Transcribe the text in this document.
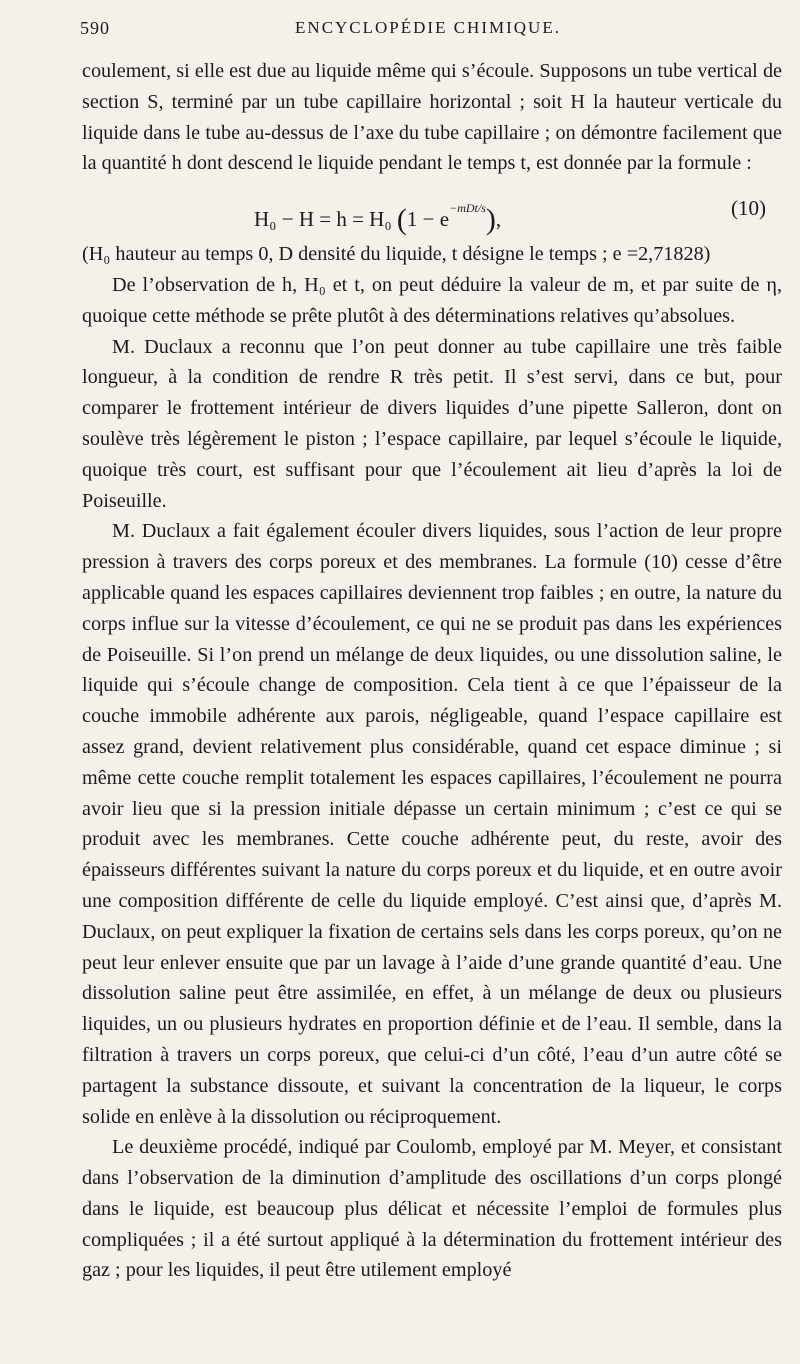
590	ENCYCLOPÉDIE CHIMIQUE.

coulement, si elle est due au liquide même qui s’écoule. Supposons un tube vertical de section S, terminé par un tube capillaire horizontal ; soit H la hauteur verticale du liquide dans le tube au-dessus de l’axe du tube capillaire ; on démontre facilement que la quantité h dont descend le liquide pendant le temps t, est donnée par la formule :

H₀ − H = h = H₀ $(1 - e^{-mDt/s})$,	(10)

(H₀ hauteur au temps 0, D densité du liquide, t désigne le temps ; e =2,71828)

De l’observation de h, H₀ et t, on peut déduire la valeur de m, et par suite de η, quoique cette méthode se prête plutôt à des déterminations relatives qu’absolues.

M. Duclaux a reconnu que l’on peut donner au tube capillaire une très faible longueur, à la condition de rendre R très petit. Il s’est servi, dans ce but, pour comparer le frottement intérieur de divers liquides d’une pipette Salleron, dont on soulève très légèrement le piston ; l’espace capillaire, par lequel s’écoule le liquide, quoique très court, est suffisant pour que l’écoulement ait lieu d’après la loi de Poiseuille.

M. Duclaux a fait également écouler divers liquides, sous l’action de leur propre pression à travers des corps poreux et des membranes. La formule (10) cesse d’être applicable quand les espaces capillaires deviennent trop faibles ; en outre, la nature du corps influe sur la vitesse d’écoulement, ce qui ne se produit pas dans les expériences de Poiseuille. Si l’on prend un mélange de deux liquides, ou une dissolution saline, le liquide qui s’écoule change de composition. Cela tient à ce que l’épaisseur de la couche immobile adhérente aux parois, négligeable, quand l’espace capillaire est assez grand, devient relativement plus considérable, quand cet espace diminue ; si même cette couche remplit totalement les espaces capillaires, l’écoulement ne pourra avoir lieu que si la pression initiale dépasse un certain minimum ; c’est ce qui se produit avec les membranes. Cette couche adhérente peut, du reste, avoir des épaisseurs différentes suivant la nature du corps poreux et du liquide, et en outre avoir une composition différente de celle du liquide employé. C’est ainsi que, d’après M. Duclaux, on peut expliquer la fixation de certains sels dans les corps poreux, qu’on ne peut leur enlever ensuite que par un lavage à l’aide d’une grande quantité d’eau. Une dissolution saline peut être assimilée, en effet, à un mélange de deux ou plusieurs liquides, un ou plusieurs hydrates en proportion définie et de l’eau. Il semble, dans la filtration à travers un corps poreux, que celui-ci d’un côté, l’eau d’un autre côté se partagent la substance dissoute, et suivant la concentration de la liqueur, le corps solide en enlève à la dissolution ou réciproquement.

Le deuxième procédé, indiqué par Coulomb, employé par M. Meyer, et consistant dans l’observation de la diminution d’amplitude des oscillations d’un corps plongé dans le liquide, est beaucoup plus délicat et nécessite l’emploi de formules plus compliquées ; il a été surtout appliqué à la détermination du frottement intérieur des gaz ; pour les liquides, il peut être utilement employé
